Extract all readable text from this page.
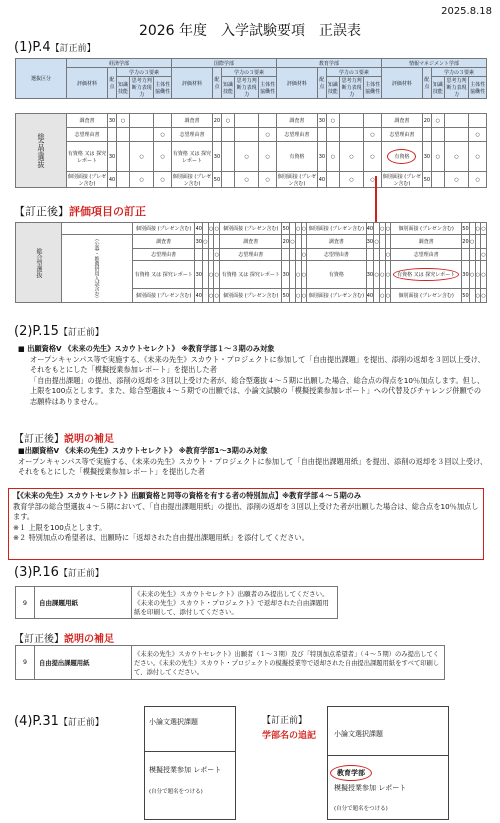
2025.8.18
2026 年度　入学試験要項　正誤表
(1)P.4【訂正前】
選抜区分	経済学部					国際学部					教育学部					情報マネジメント学部				
	評価材料	配点	学力の３要素			評価材料	配点	学力の３要素			評価材料	配点	学力の３要素			評価材料	配点	学力の３要素		
			知識技能	思考力判断力表現力	主体性協働性			知識技能	思考力判断力表現力	主体性協働性			知識技能	思考力判断力表現力	主体性協働性			知識技能	思考力判断力表現力	主体性協働性

総合型選抜	調査書	30	○			調査書	20	○			調査書	30	○			調査書	20	○		
	志望理由書				○	志望理由書				○	志望理由書				○	志望理由書				○
	有資格 又は 探究レポート	30		○	○	有資格 又は 探究レポート	30		○	○	有資格	30	○	○	○	有資格	30	○	○	○
	個別面接 (プレゼン含む)	40		○	○	個別面接 (プレゼン含む)	50		○	○	個別面接 (プレゼン含む)	40		○	○	個別面接 (プレゼン含む)	50		○	○
【訂正後】評価項目の訂正
総合型選抜		個別面接 (プレゼン含む)	40		○	○	個別面接 (プレゼン含む)	50		○	○	個別面接 (プレゼン含む)	40		○	○	個別面接 (プレゼン含む)	50		○	○
	（公募・推薦併用入試含む）	調査書	30	○			調査書	20	○			調査書	30	○			調査書	20	○		
		志望理由書				○	志望理由書				○	志望理由書				○	志望理由書				○
		有資格 又は 探究レポート	30		○	○	有資格 又は 探究レポート	30		○	○	有資格	30	○	○	○	有資格 又は 探究レポート	30	○	○	○
		個別面接 (プレゼン含む)	40		○	○	個別面接 (プレゼン含む)	50		○	○	個別面接 (プレゼン含む)	40		○	○	個別面接 (プレゼン含む)	50		○	○
(2)P.15【訂正前】
■ 出願資格Ⅴ 《未来の先生》スカウトセレクト》 ※教育学部１～３期のみ対象
オープンキャンパス等で実施する、《未来の先生》スカウト・プロジェクトに参加して「自由提出課題」を提出、添削の返却を３回以上受け、それをもとにした「模擬授業参加レポート」を提出した者
「自由提出課題」の提出、添削の返却を３回以上受けた者が、総合型選抜４～５期に出願した場合、総合点の得点を10％加点します。但し、上限を100点とします。また、総合型選抜４～５期での出願では、小論文試験の「模擬授業参加レポート」への代替及びチャレンジ併願での志願枠はありません。
【訂正後】説明の補足
■出願資格Ⅴ 《未来の先生》スカウトセレクト》 ※教育学部1～3期のみ対象
オープンキャンパス等で実施する、《未来の先生》スカウト・プロジェクトに参加して「自由提出課題用紙」を提出、添削の返却を３回以上受け、それをもとにした「模擬授業参加レポート」を提出した者
【《未来の先生》スカウトセレクト》出願資格と同等の資格を有する者の特別加点】※教育学部４～５期のみ
教育学部の総合型選抜４～５期において、「自由提出課題用紙」の提出、添削の返却を３回以上受けた者が出願した場合は、総合点を10％加点します。
※１ 上限を100点とします。
※２ 特別加点の希望者は、出願時に「返却された自由提出課題用紙」を添付してください。
(3)P.16【訂正前】
9	自由課題用紙	《未来の先生》スカウトセレクト》出願者のみ提出してください。《未来の先生》スカウト・プロジェクト》で返却された自由課題用紙を印刷して、添付してください。
【訂正後】説明の補足
9	自由提出課題用紙	《未来の先生》スカウトセレクト》出願者（１～３期）及び「特別加点希望者」（４～５期）のみ提出してください。《未来の先生》スカウト・プロジェクトの模擬授業等で返却された自由提出課題用紙をすべて印刷して、添付してください。
(4)P.31【訂正前】	小論文選択課題
模擬授業参加 レポート
(自分で題名をつける)
【訂正前】
学部名の追記	小論文選択課題
教育学部
模擬授業参加 レポート
(自分で題名をつける)
